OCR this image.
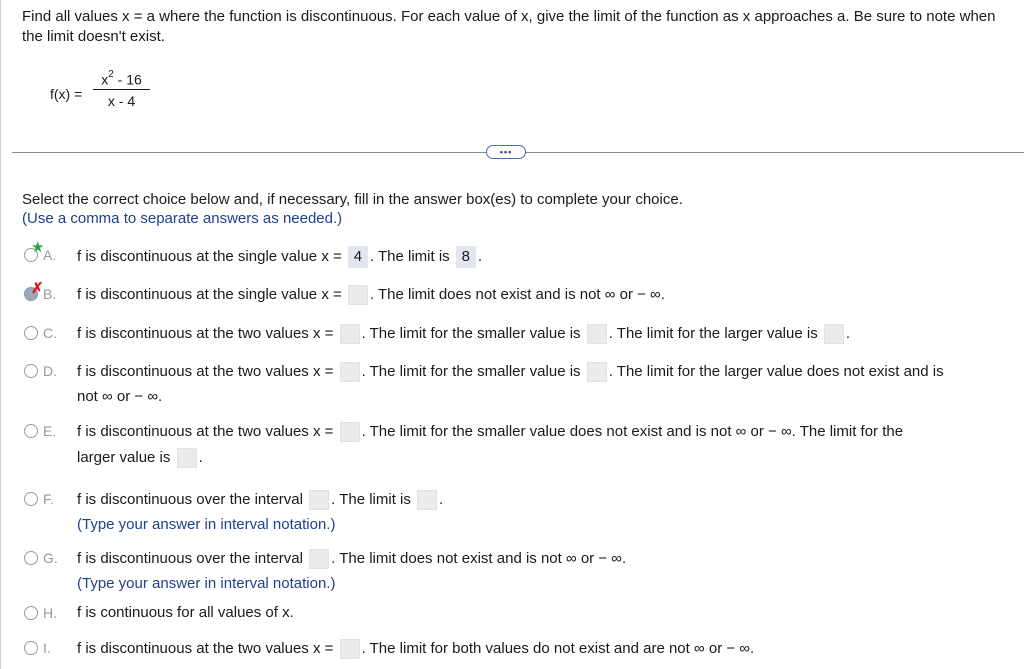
Find all values x = a where the function is discontinuous. For each value of x, give the limit of the function as x approaches a. Be sure to note when the limit doesn't exist.
f(x) =
$x^2 - 16$
x - 4
•••
Select the correct choice below and, if necessary, fill in the answer box(es) to complete your choice.
(Use a comma to separate answers as needed.)
★
A. f is discontinuous at the single value x = 4 . The limit is 8 .
✗ B. f is discontinuous at the single value x = . The limit does not exist and is not ∞ or − ∞.
C. f is discontinuous at the two values x = . The limit for the smaller value is . The limit for the larger value is .
D. f is discontinuous at the two values x = . The limit for the smaller value is . The limit for the larger value does not exist and is
not ∞ or − ∞.
E. f is discontinuous at the two values x = . The limit for the smaller value does not exist and is not ∞ or − ∞. The limit for the
larger value is .
F. f is discontinuous over the interval . The limit is .
(Type your answer in interval notation.)
G. f is discontinuous over the interval . The limit does not exist and is not ∞ or − ∞.
(Type your answer in interval notation.)
H. f is continuous for all values of x.
I. f is discontinuous at the two values x = . The limit for both values do not exist and are not ∞ or − ∞.
